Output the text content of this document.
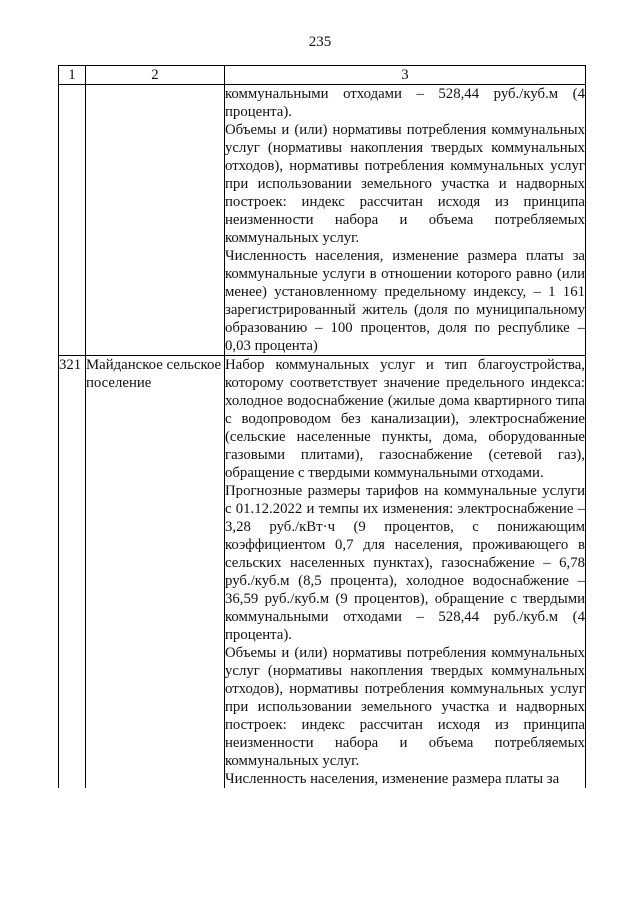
235
1	2	3

		коммунальными отходами – 528,44 руб./куб.м (4 процента).

Объемы и (или) нормативы потребления коммунальных услуг (нормативы накопления твердых коммунальных отходов), нормативы потребления коммунальных услуг при использовании земельного участка и надворных построек: индекс рассчитан исходя из принципа неизменности набора и объема потребляемых коммунальных услуг.

Численность населения, изменение размера платы за коммунальные услуги в отношении которого равно (или менее) установленному предельному индексу, – 1 161 зарегистрированный житель (доля по муниципальному образованию – 100 процентов, доля по республике – 0,03 процента)

321	Майданское сельское поселение	Набор коммунальных услуг и тип благоустройства, которому соответствует значение предельного индекса: холодное водоснабжение (жилые дома квартирного типа с водопроводом без канализации), электроснабжение (сельские населенные пункты, дома, оборудованные газовыми плитами), газоснабжение (сетевой газ), обращение с твердыми коммунальными отходами.

Прогнозные размеры тарифов на коммунальные услуги с 01.12.2022 и темпы их изменения: электроснабжение – 3,28 руб./кВт·ч (9 процентов, с понижающим коэффициентом 0,7 для населения, проживающего в сельских населенных пунктах), газоснабжение – 6,78 руб./куб.м (8,5 процента), холодное водоснабжение – 36,59 руб./куб.м (9 процентов), обращение с твердыми коммунальными отходами – 528,44 руб./куб.м (4 процента).

Объемы и (или) нормативы потребления коммунальных услуг (нормативы накопления твердых коммунальных отходов), нормативы потребления коммунальных услуг при использовании земельного участка и надворных построек: индекс рассчитан исходя из принципа неизменности набора и объема потребляемых коммунальных услуг.

Численность населения, изменение размера платы за
